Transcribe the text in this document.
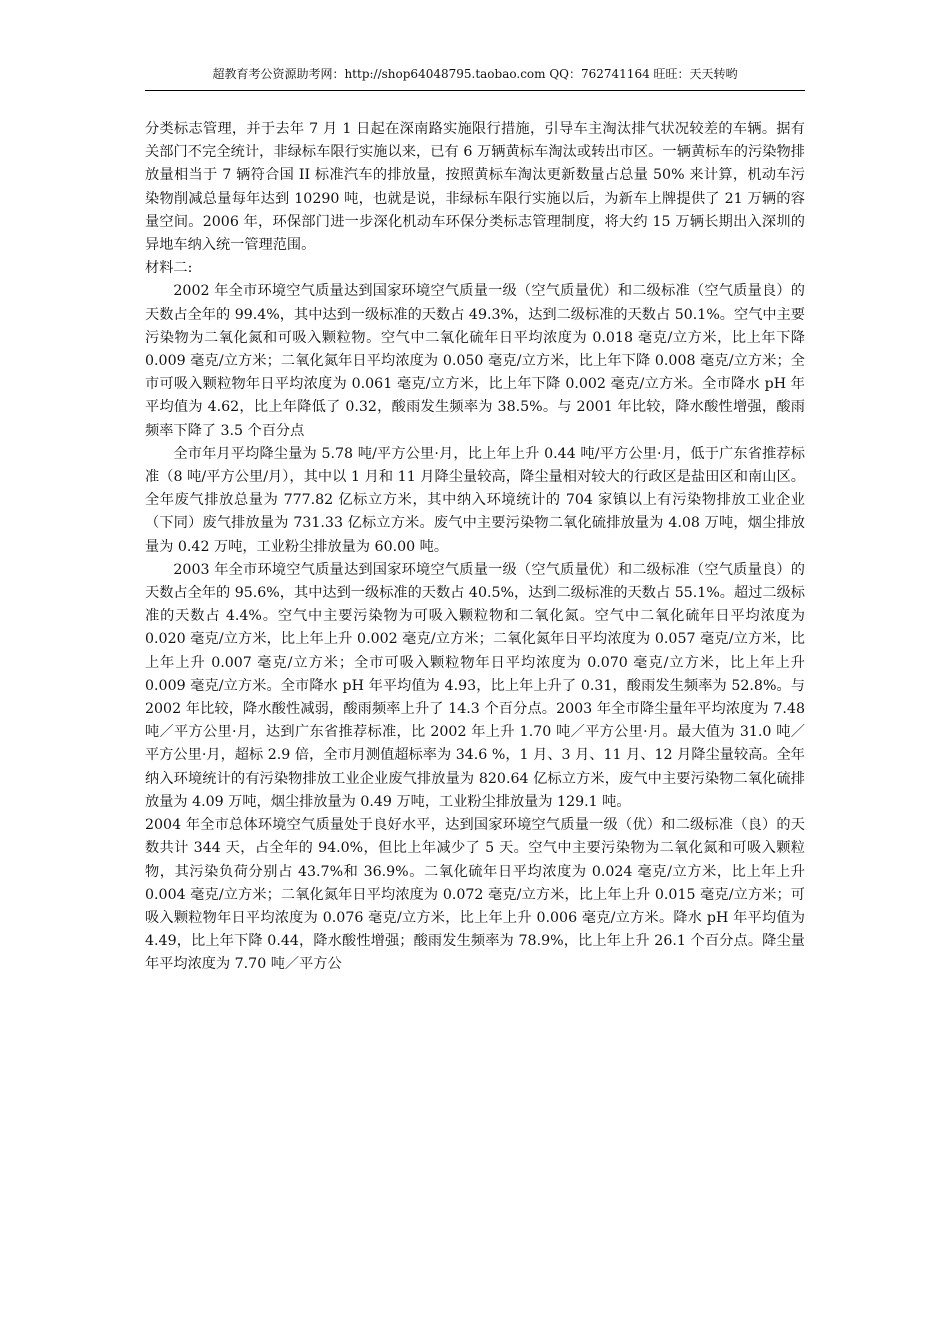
超教育考公资源助考网：http://shop64048795.taobao.com QQ：762741164 旺旺：天天转哟

分类标志管理，并于去年 7 月 1 日起在深南路实施限行措施，引导车主淘汰排气状况较差的车辆。据有关部门不完全统计，非绿标车限行实施以来，已有 6 万辆黄标车淘汰或转出市区。一辆黄标车的污染物排放量相当于 7 辆符合国 II 标准汽车的排放量，按照黄标车淘汰更新数量占总量 50% 来计算，机动车污染物削减总量每年达到 10290 吨，也就是说，非绿标车限行实施以后，为新车上牌提供了 21 万辆的容量空间。2006 年，环保部门进一步深化机动车环保分类标志管理制度，将大约 15 万辆长期出入深圳的异地车纳入统一管理范围。

材料二:

2002 年全市环境空气质量达到国家环境空气质量一级（空气质量优）和二级标准（空气质量良）的天数占全年的 99.4%，其中达到一级标准的天数占 49.3%，达到二级标准的天数占 50.1%。空气中主要污染物为二氧化氮和可吸入颗粒物。空气中二氧化硫年日平均浓度为 0.018 毫克/立方米，比上年下降 0.009 毫克/立方米；二氧化氮年日平均浓度为 0.050 毫克/立方米，比上年下降 0.008 毫克/立方米；全市可吸入颗粒物年日平均浓度为 0.061 毫克/立方米，比上年下降 0.002 毫克/立方米。全市降水 pH 年平均值为 4.62，比上年降低了 0.32，酸雨发生频率为 38.5%。与 2001 年比较，降水酸性增强，酸雨频率下降了 3.5 个百分点

全市年月平均降尘量为 5.78 吨/平方公里·月，比上年上升 0.44 吨/平方公里·月，低于广东省推荐标准（8 吨/平方公里/月），其中以 1 月和 11 月降尘量较高，降尘量相对较大的行政区是盐田区和南山区。全年废气排放总量为 777.82 亿标立方米，其中纳入环境统计的 704 家镇以上有污染物排放工业企业（下同）废气排放量为 731.33 亿标立方米。废气中主要污染物二氧化硫排放量为 4.08 万吨，烟尘排放量为 0.42 万吨，工业粉尘排放量为 60.00 吨。

2003 年全市环境空气质量达到国家环境空气质量一级（空气质量优）和二级标准（空气质量良）的天数占全年的 95.6%，其中达到一级标准的天数占 40.5%，达到二级标准的天数占 55.1%。超过二级标准的天数占 4.4%。空气中主要污染物为可吸入颗粒物和二氧化氮。空气中二氧化硫年日平均浓度为 0.020 毫克/立方米，比上年上升 0.002 毫克/立方米；二氧化氮年日平均浓度为 0.057 毫克/立方米，比上年上升 0.007 毫克/立方米；全市可吸入颗粒物年日平均浓度为 0.070 毫克/立方米，比上年上升 0.009 毫克/立方米。全市降水 pH 年平均值为 4.93，比上年上升了 0.31，酸雨发生频率为 52.8%。与 2002 年比较，降水酸性减弱，酸雨频率上升了 14.3 个百分点。2003 年全市降尘量年平均浓度为 7.48 吨／平方公里·月，达到广东省推荐标准，比 2002 年上升 1.70 吨／平方公里·月。最大值为 31.0 吨／平方公里·月，超标 2.9 倍，全市月测值超标率为 34.6 %，1 月、3 月、11 月、12 月降尘量较高。全年纳入环境统计的有污染物排放工业企业废气排放量为 820.64 亿标立方米，废气中主要污染物二氧化硫排放量为 4.09 万吨，烟尘排放量为 0.49 万吨，工业粉尘排放量为 129.1 吨。

2004 年全市总体环境空气质量处于良好水平，达到国家环境空气质量一级（优）和二级标准（良）的天数共计 344 天，占全年的 94.0%，但比上年减少了 5 天。空气中主要污染物为二氧化氮和可吸入颗粒物，其污染负荷分别占 43.7%和 36.9%。二氧化硫年日平均浓度为 0.024 毫克/立方米，比上年上升 0.004 毫克/立方米；二氧化氮年日平均浓度为 0.072 毫克/立方米，比上年上升 0.015 毫克/立方米；可吸入颗粒物年日平均浓度为 0.076 毫克/立方米，比上年上升 0.006 毫克/立方米。降水 pH 年平均值为 4.49，比上年下降 0.44，降水酸性增强；酸雨发生频率为 78.9%，比上年上升 26.1 个百分点。降尘量年平均浓度为 7.70 吨／平方公
